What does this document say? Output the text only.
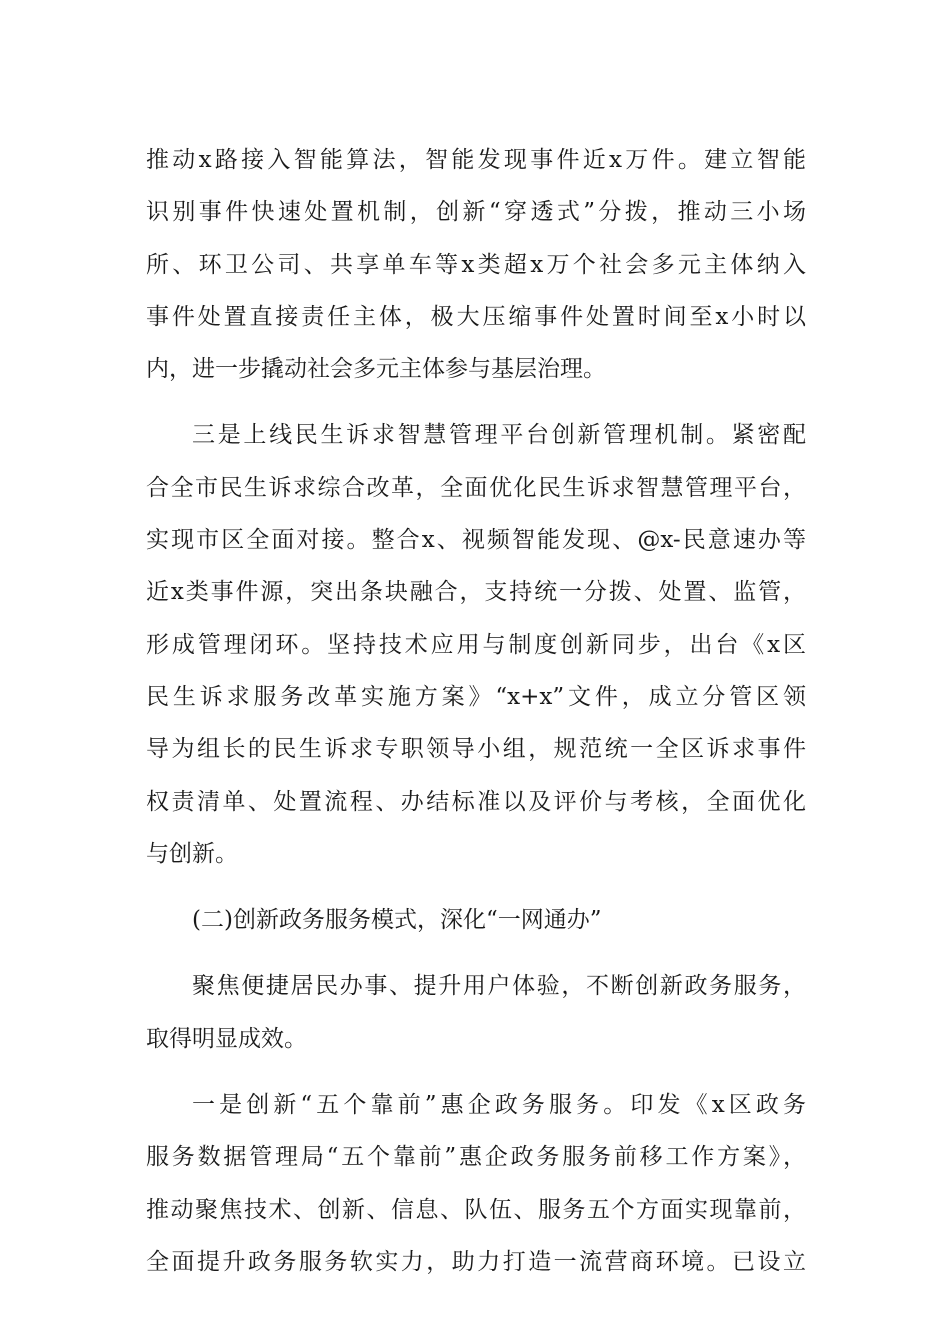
推动x路接入智能算法，智能发现事件近x万件。建立智能
识别事件快速处置机制，创新“穿透式”分拨，推动三小场
所、环卫公司、共享单车等x类超x万个社会多元主体纳入
事件处置直接责任主体，极大压缩事件处置时间至x小时以
内，进一步撬动社会多元主体参与基层治理。
三是上线民生诉求智慧管理平台创新管理机制。紧密配
合全市民生诉求综合改革，全面优化民生诉求智慧管理平台，
实现市区全面对接。整合x、视频智能发现、@x-民意速办等
近x类事件源，突出条块融合，支持统一分拨、处置、监管，
形成管理闭环。坚持技术应用与制度创新同步，出台《x区
民生诉求服务改革实施方案》“x+x”文件，成立分管区领
导为组长的民生诉求专职领导小组，规范统一全区诉求事件
权责清单、处置流程、办结标准以及评价与考核，全面优化
与创新。
(二)创新政务服务模式，深化“一网通办”
聚焦便捷居民办事、提升用户体验，不断创新政务服务，
取得明显成效。
一是创新“五个靠前”惠企政务服务。印发《x区政务
服务数据管理局“五个靠前”惠企政务服务前移工作方案》，
推动聚焦技术、创新、信息、队伍、服务五个方面实现靠前，
全面提升政务服务软实力，助力打造一流营商环境。已设立
